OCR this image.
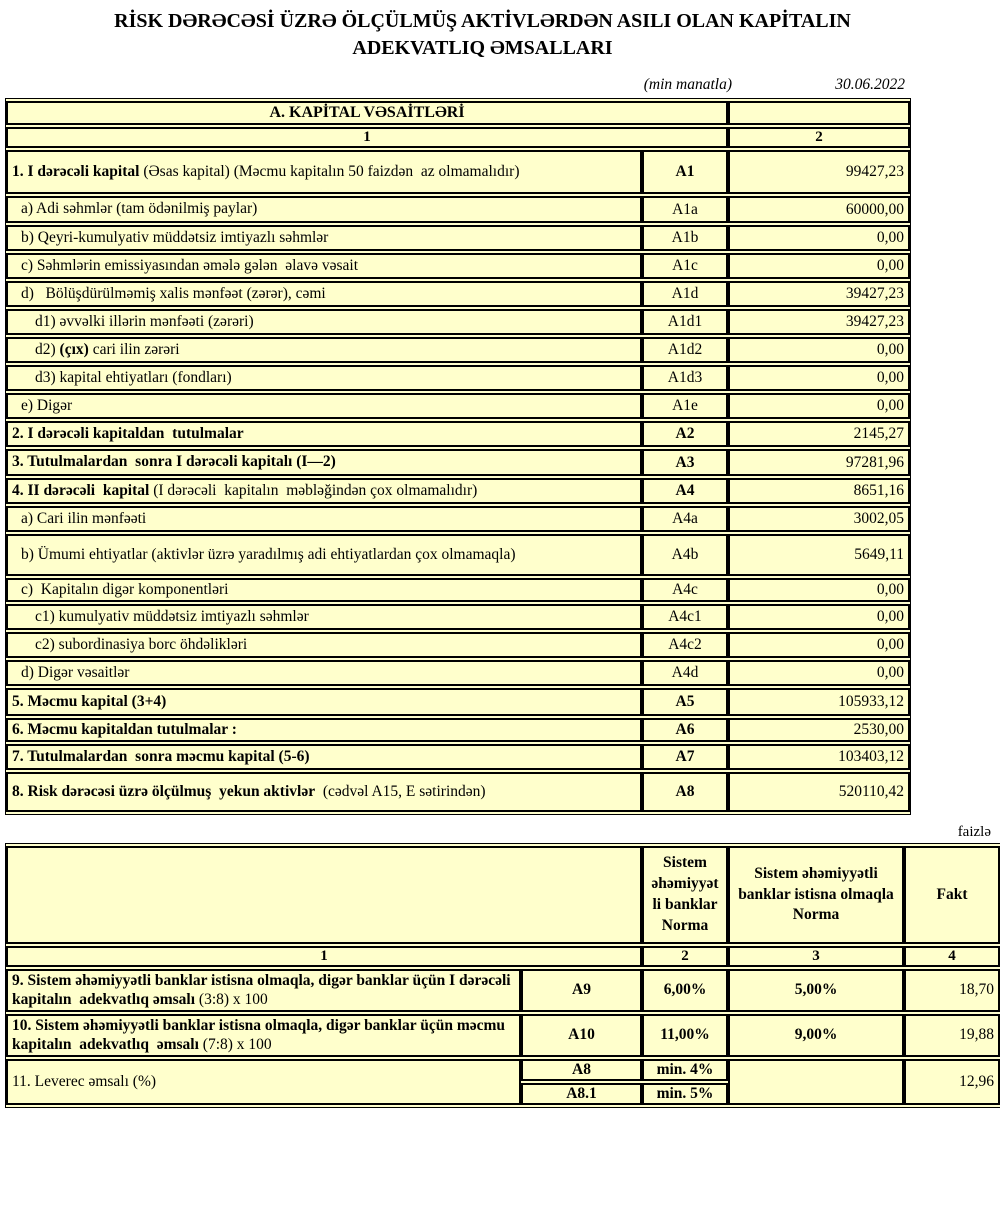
RİSK DƏRƏCƏSİ ÜZRƏ ÖLÇÜLMÜŞ AKTİVLƏRDƏN ASILI OLAN KAPİTALIN
ADEKVATLIQ ƏMSALLARI
(min manatla)	30.06.2022
A. KAPİTAL VƏSAİTLƏRİ		
1		2
1. I dərəcəli kapital (Əsas kapital) (Məcmu kapitalın 50 faizdən  az olmamalıdır)	A1	99427,23
a) Adi səhmlər (tam ödənilmiş paylar)	A1a	60000,00
b) Qeyri-kumulyativ müddətsiz imtiyazlı səhmlər	A1b	0,00
c) Səhmlərin emissiyasından əmələ gələn  əlavə vəsait	A1c	0,00
d)   Bölüşdürülməmiş xalis mənfəət (zərər), cəmi	A1d	39427,23
d1) əvvəlki illərin mənfəəti (zərəri)	A1d1	39427,23
d2) (çıx) cari ilin zərəri	A1d2	0,00
d3) kapital ehtiyatları (fondları)	A1d3	0,00
e) Digər	A1e	0,00
2. I dərəcəli kapitaldan  tutulmalar	A2	2145,27
3. Tutulmalardan  sonra I dərəcəli kapitalı (I—2)	A3	97281,96
4. II dərəcəli  kapital (I dərəcəli  kapitalın  məbləğindən çox olmamalıdır)	A4	8651,16
a) Cari ilin mənfəəti	A4a	3002,05
b) Ümumi ehtiyatlar (aktivlər üzrə yaradılmış adi ehtiyatlardan çox olmamaqla)	A4b	5649,11
c)  Kapitalın digər komponentləri	A4c	0,00
c1) kumulyativ müddətsiz imtiyazlı səhmlər	A4c1	0,00
c2) subordinasiya borc öhdəlikləri	A4c2	0,00
d) Digər vəsaitlər	A4d	0,00
5. Məcmu kapital (3+4)	A5	105933,12
6. Məcmu kapitaldan tutulmalar :	A6	2530,00
7. Tutulmalardan  sonra məcmu kapital (5-6)	A7	103403,12
8. Risk dərəcəsi üzrə ölçülmuş  yekun aktivlər  (cədvəl A15, E sətirindən)	A8	520110,42
faizlə
		Sistem əhəmiyyət li banklar Norma	Sistem əhəmiyyətli banklar istisna olmaqla Norma	Fakt
1		2	3	4
9. Sistem əhəmiyyətli banklar istisna olmaqla, digər banklar üçün I dərəcəli  kapitalın  adekvatlıq əmsalı (3:8) x 100	A9	6,00%	5,00%	18,70
10. Sistem əhəmiyyətli banklar istisna olmaqla, digər banklar üçün məcmu kapitalın  adekvatlıq  əmsalı (7:8) x 100	A10	11,00%	9,00%	19,88
11. Leverec əmsalı (%)	A8	min. 4%		12,96
	A8.1	min. 5%		
